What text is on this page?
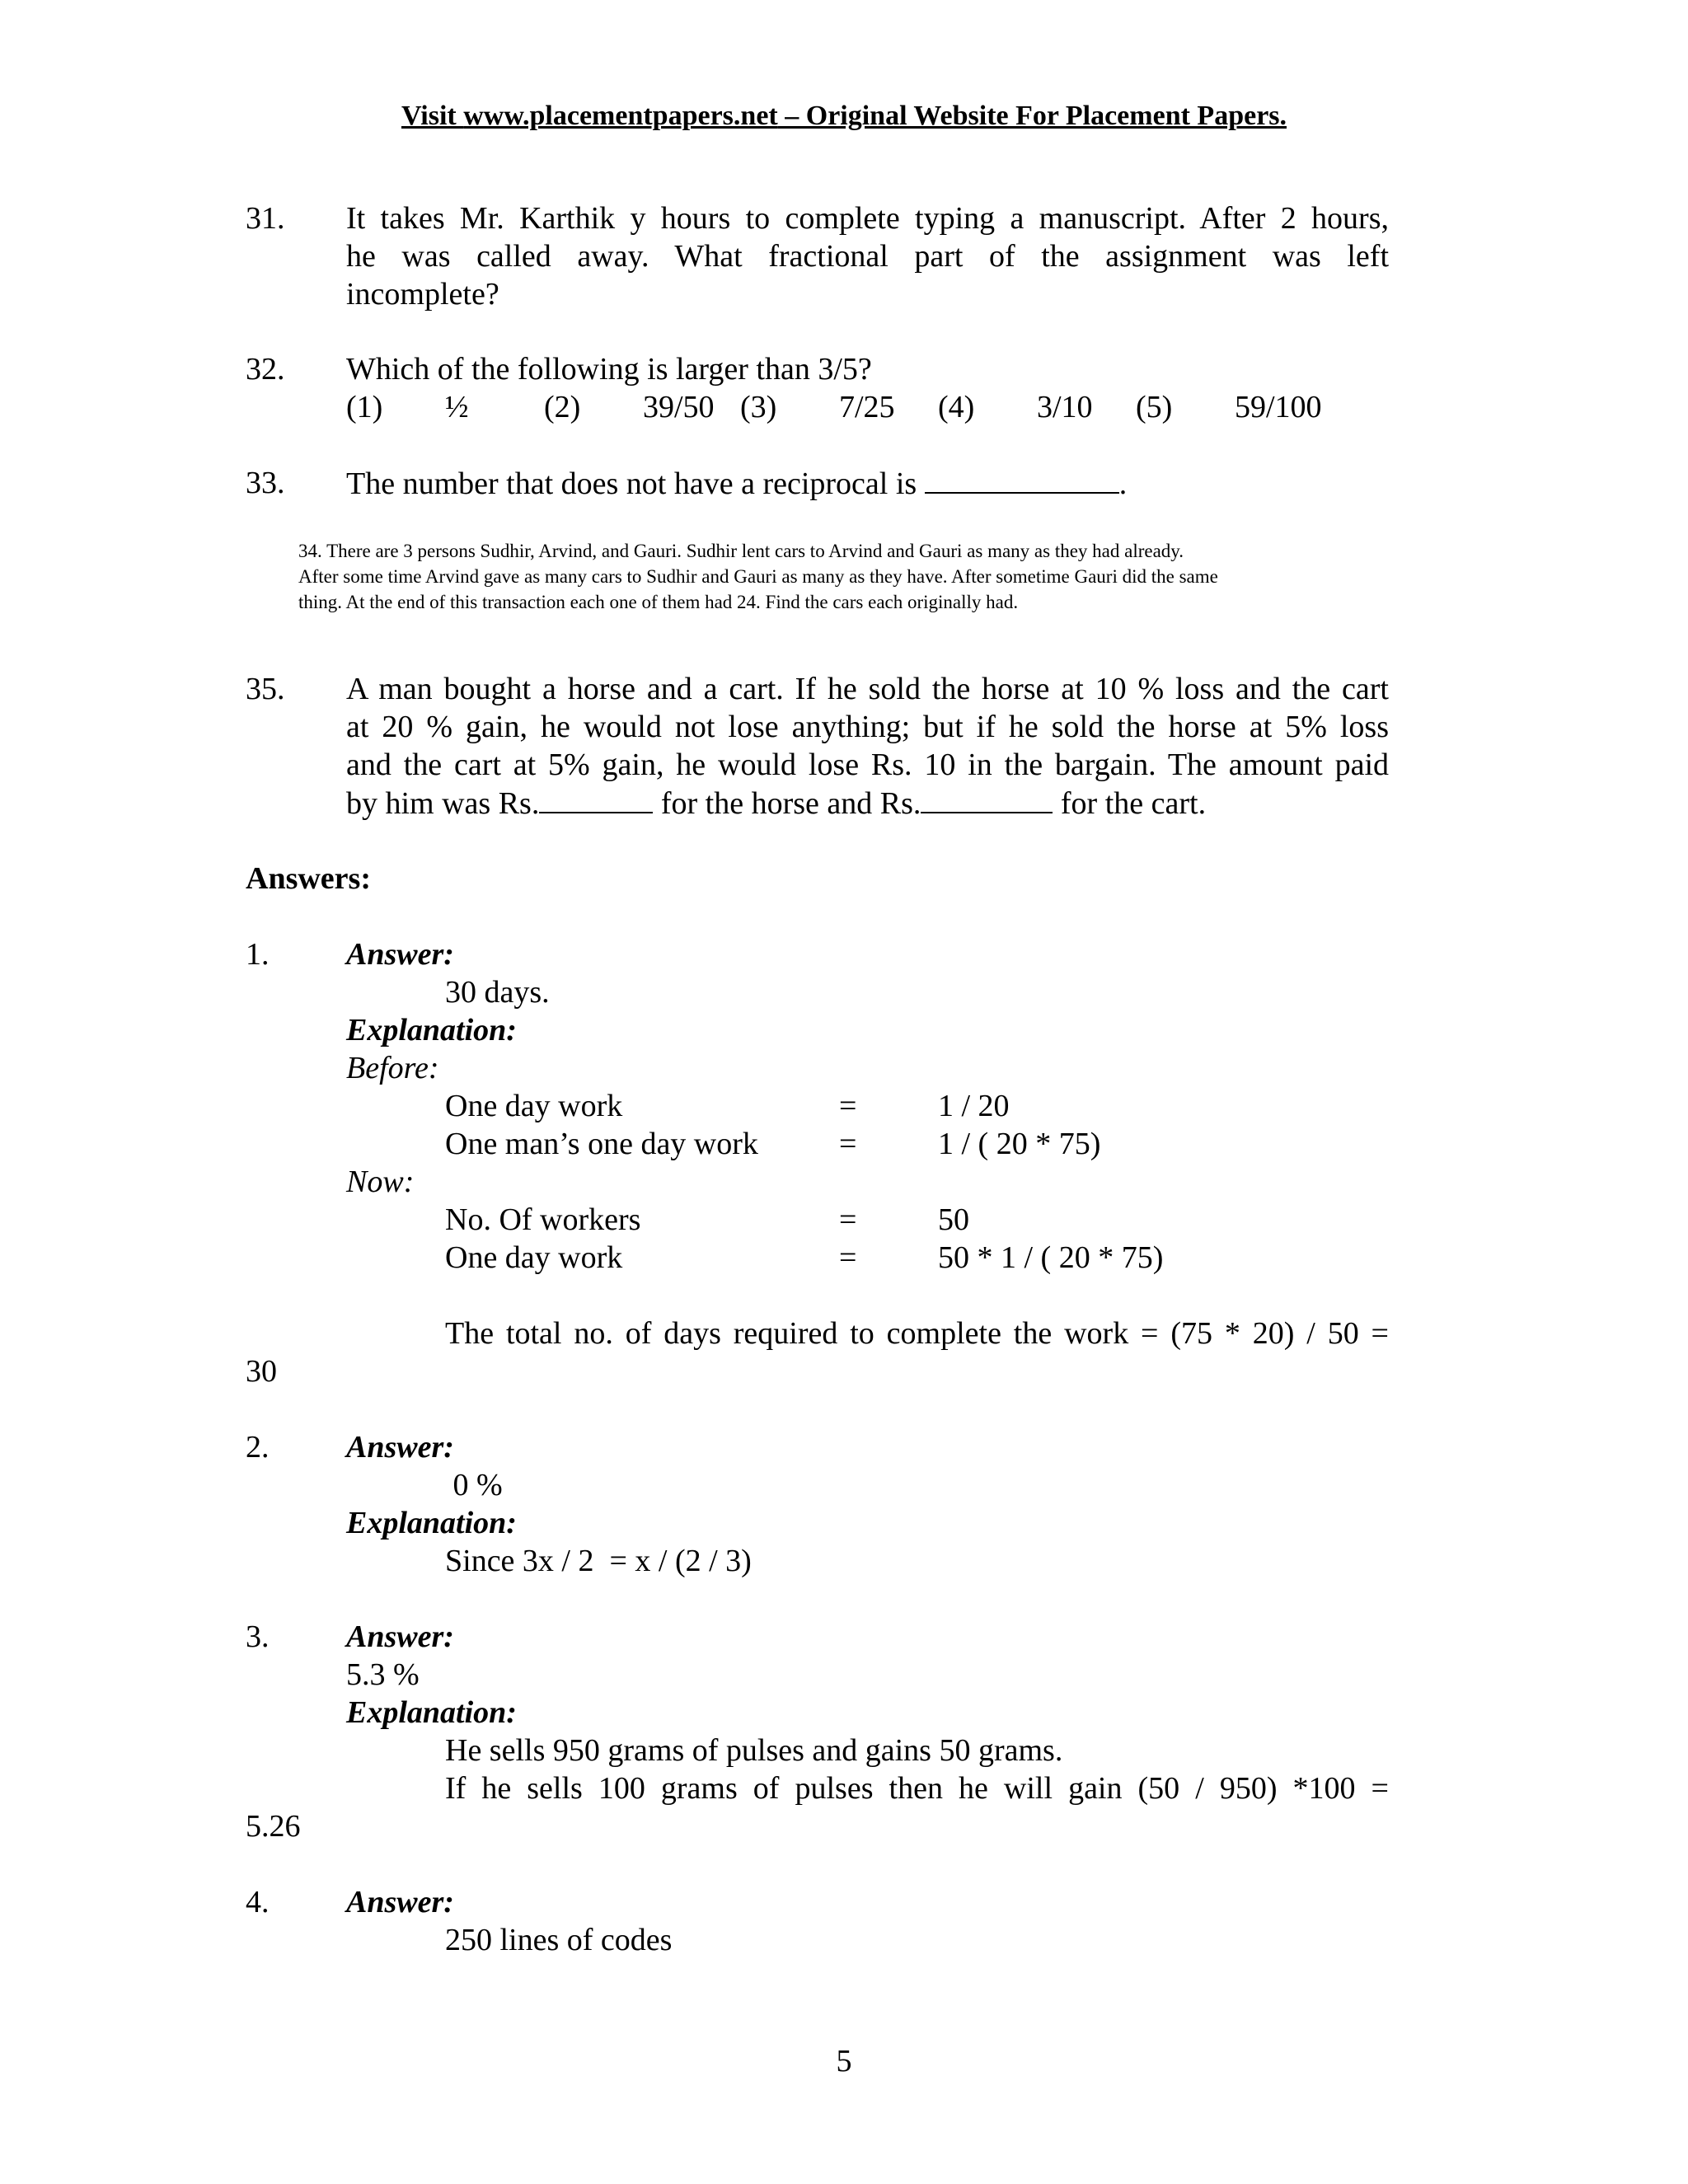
Visit www.placementpapers.net – Original Website For Placement Papers.
31. It takes Mr. Karthik y hours to complete typing a manuscript. After 2 hours,
he was called away. What fractional part of the assignment was left
incomplete?
32. Which of the following is larger than 3/5?
(1) ½ (2) 39/50 (3) 7/25 (4) 3/10 (5) 59/100
33. The number that does not have a reciprocal is	.
34. There are 3 persons Sudhir, Arvind, and Gauri. Sudhir lent cars to Arvind and Gauri as many as they had already.
After some time Arvind gave as many cars to Sudhir and Gauri as many as they have. After sometime Gauri did the same
thing. At the end of this transaction each one of them had 24. Find the cars each originally had.
35. A man bought a horse and a cart. If he sold the horse at 10 % loss and the cart
at 20 % gain, he would not lose anything; but if he sold the horse at 5% loss
and the cart at 5% gain, he would lose Rs. 10 in the bargain. The amount paid
by him was Rs.	for the horse and Rs.	for the cart.
Answers:
1. Answer:
30 days.
Explanation:
Before:
One day work	=	1 / 20
One man’s one day work	=	1 / ( 20 * 75)
Now:
No. Of workers	=	50
One day work	=	50 * 1 / ( 20 * 75)
The total no. of days required to complete the work = (75 * 20) / 50 =
30
2. Answer:
0 %
Explanation:
Since 3x / 2  = x / (2 / 3)
3. Answer:
5.3 %
Explanation:
He sells 950 grams of pulses and gains 50 grams.
If he sells 100 grams of pulses then he will gain (50 / 950) *100 =
5.26
4. Answer:
250 lines of codes
5
